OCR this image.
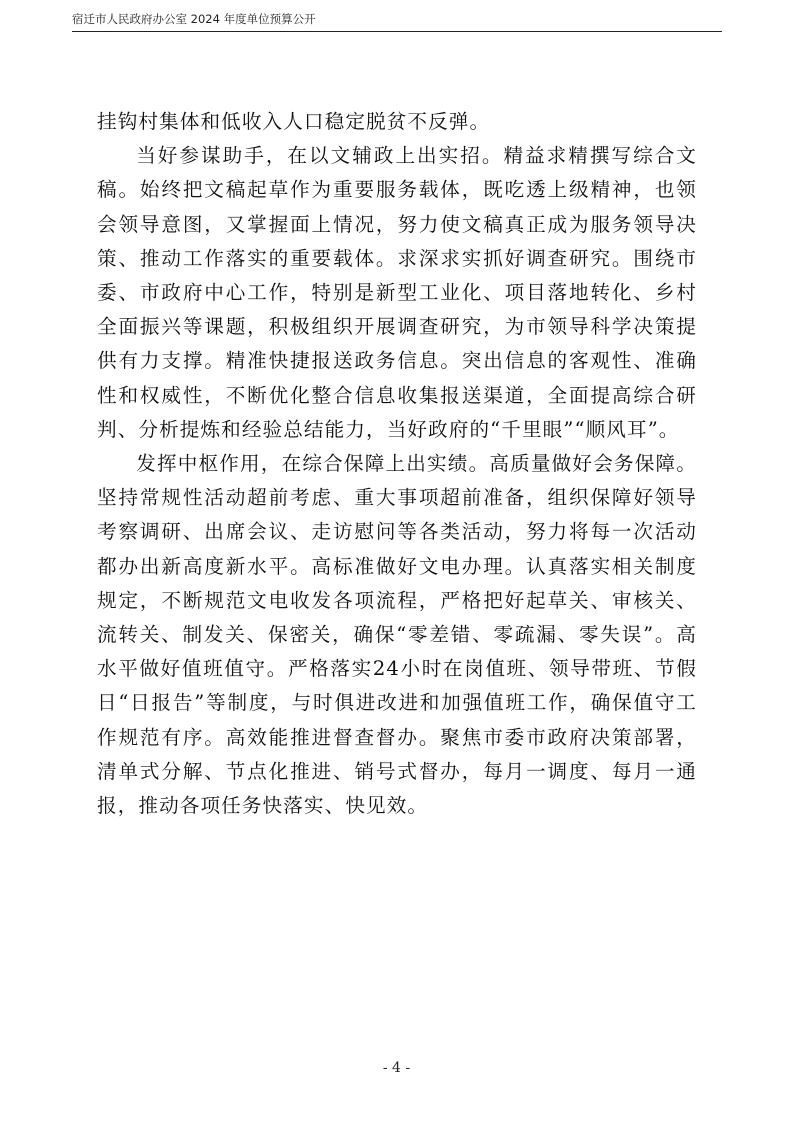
宿迁市人民政府办公室 2024 年度单位预算公开

挂钩村集体和低收入人口稳定脱贫不反弹。

当好参谋助手，在以文辅政上出实招。精益求精撰写综合文稿。始终把文稿起草作为重要服务载体，既吃透上级精神，也领会领导意图，又掌握面上情况，努力使文稿真正成为服务领导决策、推动工作落实的重要载体。求深求实抓好调查研究。围绕市委、市政府中心工作，特别是新型工业化、项目落地转化、乡村全面振兴等课题，积极组织开展调查研究，为市领导科学决策提供有力支撑。精准快捷报送政务信息。突出信息的客观性、准确性和权威性，不断优化整合信息收集报送渠道，全面提高综合研判、分析提炼和经验总结能力，当好政府的“千里眼”“顺风耳”。

发挥中枢作用，在综合保障上出实绩。高质量做好会务保障。坚持常规性活动超前考虑、重大事项超前准备，组织保障好领导考察调研、出席会议、走访慰问等各类活动，努力将每一次活动都办出新高度新水平。高标准做好文电办理。认真落实相关制度规定，不断规范文电收发各项流程，严格把好起草关、审核关、流转关、制发关、保密关，确保“零差错、零疏漏、零失误”。高水平做好值班值守。严格落实24小时在岗值班、领导带班、节假日“日报告”等制度，与时俱进改进和加强值班工作，确保值守工作规范有序。高效能推进督查督办。聚焦市委市政府决策部署，清单式分解、节点化推进、销号式督办，每月一调度、每月一通报，推动各项任务快落实、快见效。

- 4 -
